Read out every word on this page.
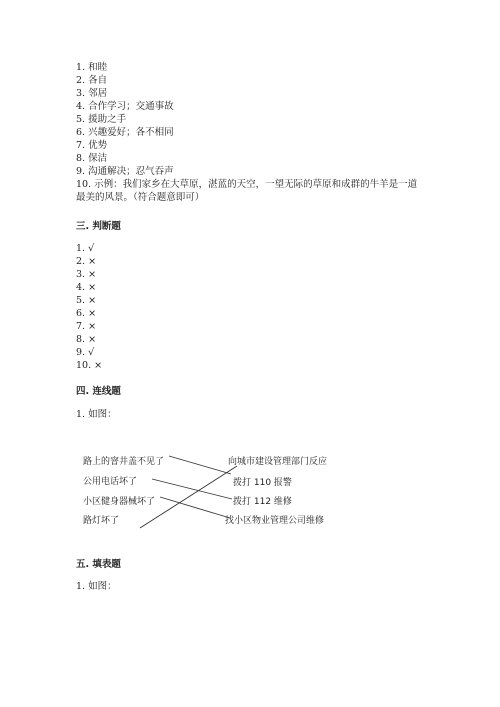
1. 和睦
2. 各自
3. 邻居
4. 合作学习；交通事故
5. 援助之手
6. 兴趣爱好；各不相同
7. 优势
8. 保洁
9. 沟通解决；忍气吞声
10. 示例：我们家乡在大草原，湛蓝的天空，一望无际的草原和成群的牛羊是一道最美的风景。（符合题意即可）
三. 判断题
1. √
2. ×
3. ×
4. ×
5. ×
6. ×
7. ×
8. ×
9. √
10. ×
四. 连线题
1. 如图：
路上的窨井盖不见了
公用电话坏了
小区健身器械坏了
路灯坏了
向城市建设管理部门反应
拨打 110 报警
拨打 112 维修
找小区物业管理公司维修
五. 填表题
1. 如图：
